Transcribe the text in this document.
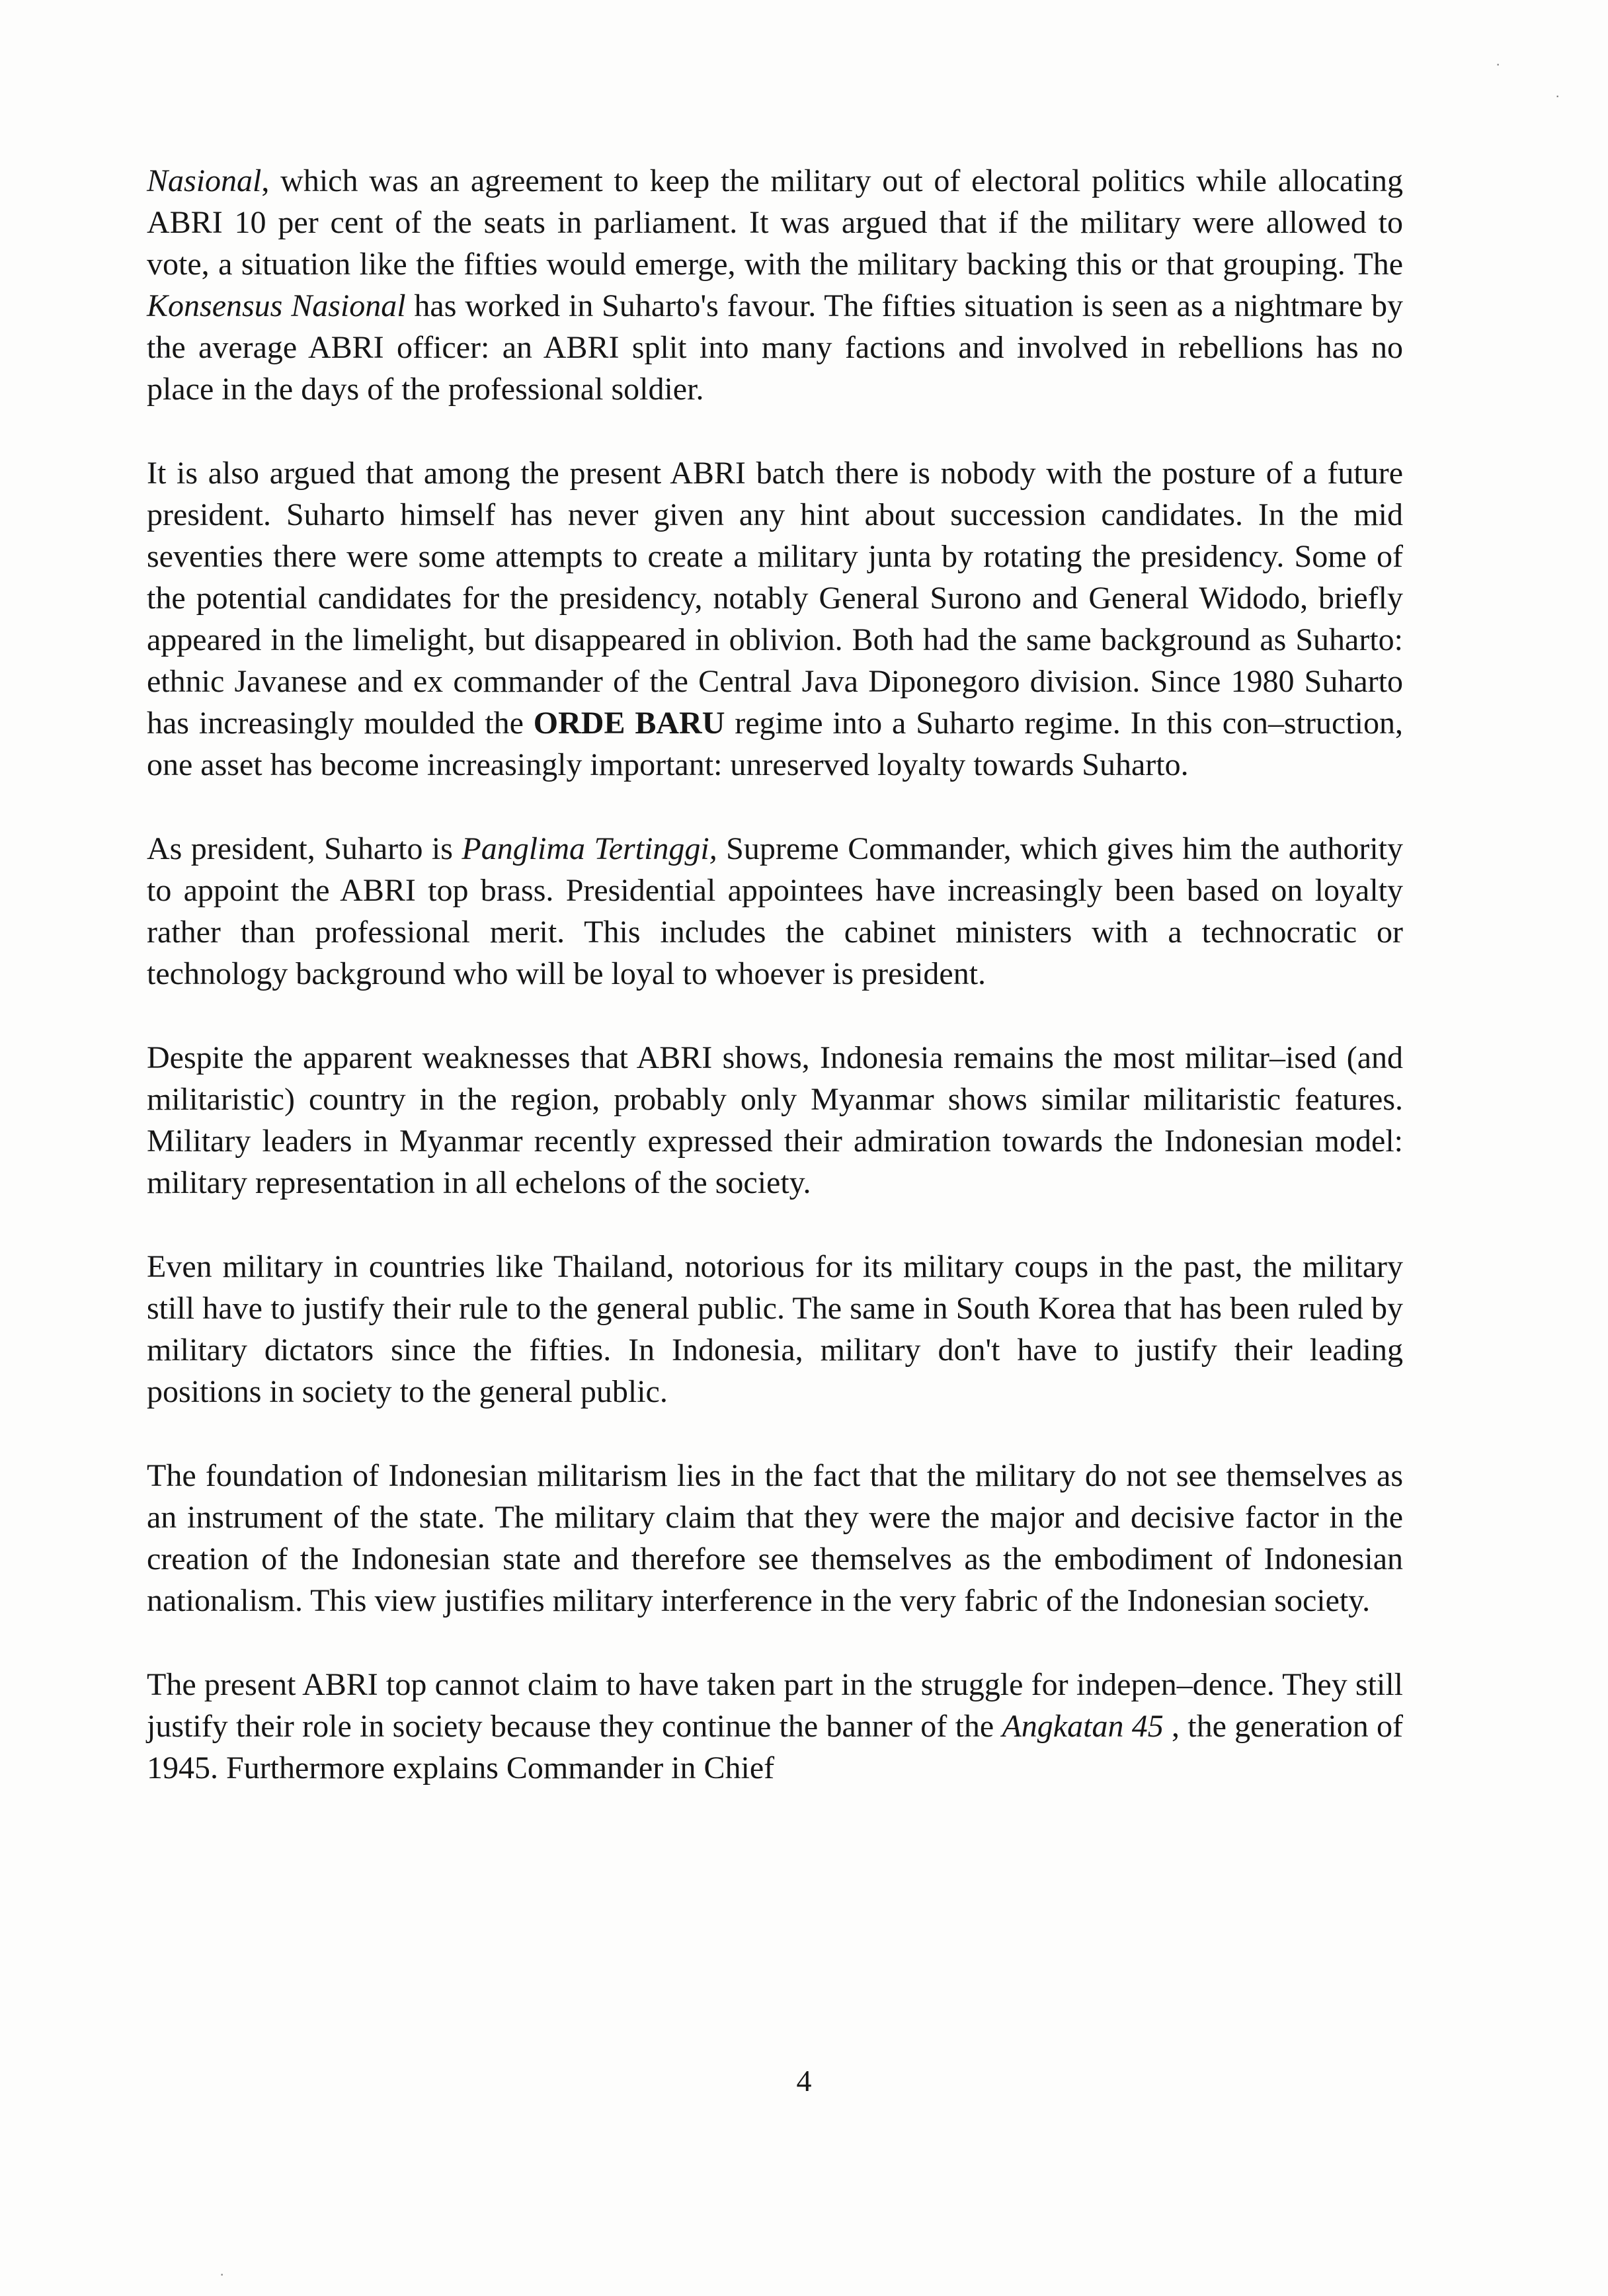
Nasional, which was an agreement to keep the military out of electoral politics while allocating ABRI 10 per cent of the seats in parliament. It was argued that if the military were allowed to vote, a situation like the fifties would emerge, with the military backing this or that grouping. The Konsensus Nasional has worked in Suharto's favour. The fifties situation is seen as a nightmare by the average ABRI officer: an ABRI split into many factions and involved in rebellions has no place in the days of the professional soldier.

It is also argued that among the present ABRI batch there is nobody with the posture of a future president. Suharto himself has never given any hint about succession candidates. In the mid seventies there were some attempts to create a military junta by rotating the presidency. Some of the potential candidates for the presidency, notably General Surono and General Widodo, briefly appeared in the limelight, but disappeared in oblivion. Both had the same background as Suharto: ethnic Javanese and ex commander of the Central Java Diponegoro division. Since 1980 Suharto has increasingly moulded the ORDE BARU regime into a Suharto regime. In this con–struction, one asset has become increasingly important: unreserved loyalty towards Suharto.

As president, Suharto is Panglima Tertinggi, Supreme Commander, which gives him the authority to appoint the ABRI top brass. Presidential appointees have increasingly been based on loyalty rather than professional merit. This includes the cabinet ministers with a technocratic or technology background who will be loyal to whoever is president.

Despite the apparent weaknesses that ABRI shows, Indonesia remains the most militar–ised (and militaristic) country in the region, probably only Myanmar shows similar militaristic features. Military leaders in Myanmar recently expressed their admiration towards the Indonesian model: military representation in all echelons of the society.

Even military in countries like Thailand, notorious for its military coups in the past, the military still have to justify their rule to the general public. The same in South Korea that has been ruled by military dictators since the fifties. In Indonesia, military don't have to justify their leading positions in society to the general public.

The foundation of Indonesian militarism lies in the fact that the military do not see themselves as an instrument of the state. The military claim that they were the major and decisive factor in the creation of the Indonesian state and therefore see themselves as the embodiment of Indonesian nationalism. This view justifies military interference in the very fabric of the Indonesian society.

The present ABRI top cannot claim to have taken part in the struggle for indepen–dence. They still justify their role in society because they continue the banner of the Angkatan 45 , the generation of 1945. Furthermore explains Commander in Chief

4
·
·
·
